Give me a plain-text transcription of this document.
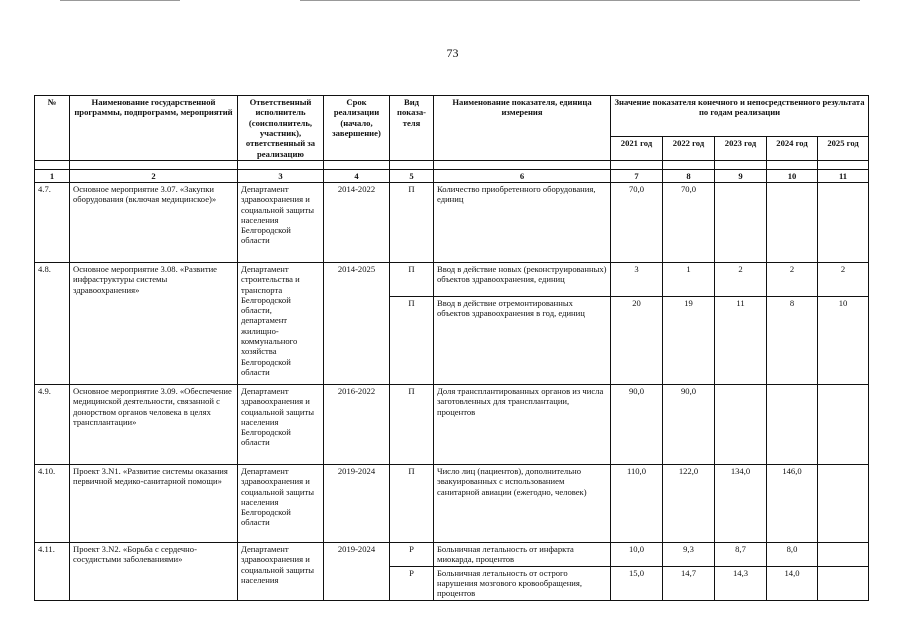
73
№	Наименование государственной программы, подпрограмм, мероприятий	Ответственный исполнитель (соисполнитель, участник), ответственный за реализацию	Срок реализации (начало, завершение)	Вид показа-теля	Наименование показателя, единица измерения	Значение показателя конечного и непосредственного результата по годам реализации				
						2021 год	2022 год	2023 год	2024 год	2025 год

1	2	3	4	5	6	7	8	9	10	11
4.7.	Основное мероприятие 3.07. «Закупки оборудования (включая медицинское)»	Департамент здравоохранения и социальной защиты населения Белгородской области	2014-2022	П	Количество приобретенного оборудования, единиц	70,0	70,0			
4.8.	Основное мероприятие 3.08. «Развитие инфраструктуры системы здравоохранения»	Департамент строительства и транспорта Белгородской области, департамент жилищно-коммунального хозяйства Белгородской области	2014-2025	П	Ввод в действие новых (реконструированных) объектов здравоохранения, единиц	3	1	2	2	2
				П	Ввод в действие отремонтированных объектов здравоохранения в год, единиц	20	19	11	8	10
4.9.	Основное мероприятие 3.09. «Обеспечение медицинской деятельности, связанной с донорством органов человека в целях трансплантации»	Департамент здравоохранения и социальной защиты населения Белгородской области	2016-2022	П	Доля трансплантированных органов из числа заготовленных для трансплантации, процентов	90,0	90,0			
4.10.	Проект 3.N1. «Развитие системы оказания первичной медико-санитарной помощи»	Департамент здравоохранения и социальной защиты населения Белгородской области	2019-2024	П	Число лиц (пациентов), дополнительно эвакуированных с использованием санитарной авиации (ежегодно, человек)	110,0	122,0	134,0	146,0	
4.11.	Проект 3.N2. «Борьба с сердечно-сосудистыми заболеваниями»	Департамент здравоохранения и социальной защиты населения	2019-2024	Р	Больничная летальность от инфаркта миокарда, процентов	10,0	9,3	8,7	8,0	
				Р	Больничная летальность от острого нарушения мозгового кровообращения, процентов	15,0	14,7	14,3	14,0	
